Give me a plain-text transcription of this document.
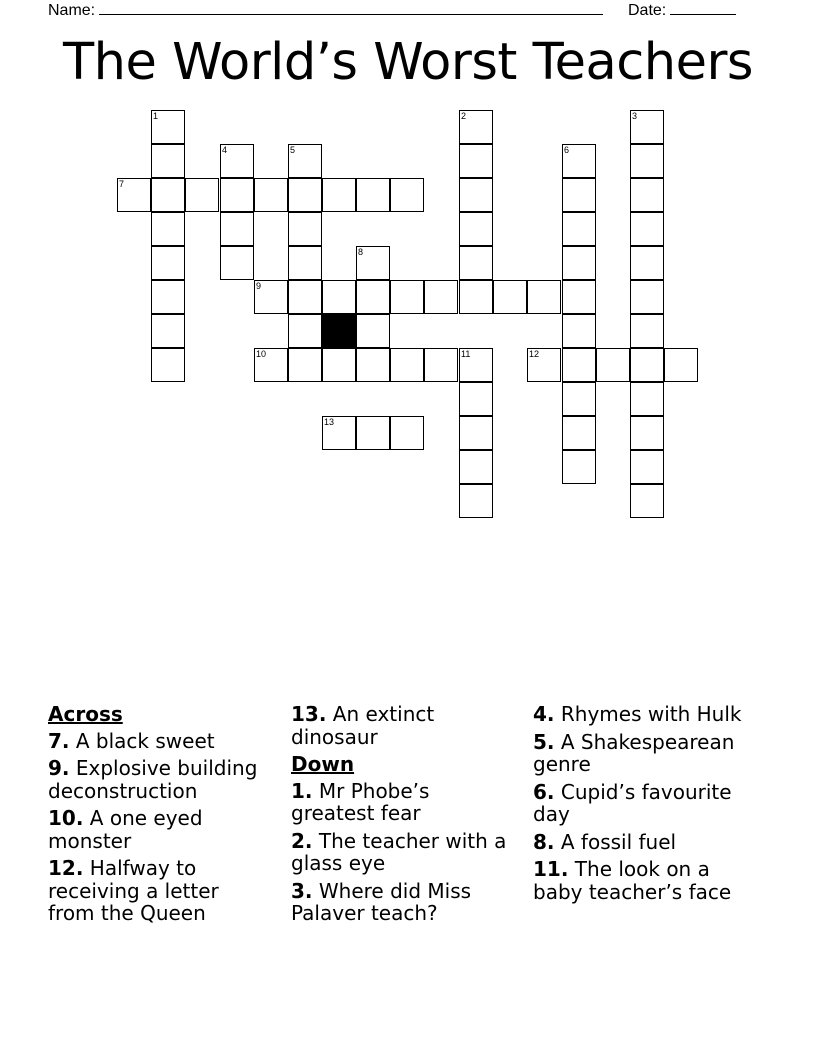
Name:	Date:
The World’s Worst Teachers
1	2	3
4	5	6
7
8
9
10	11	12
13
Across
7. A black sweet
9. Explosive building deconstruction
10. A one eyed monster
12. Halfway to receiving a letter from the Queen
13. An extinct dinosaur
Down
1. Mr Phobe’s greatest fear
2. The teacher with a glass eye
3. Where did Miss Palaver teach?
4. Rhymes with Hulk
5. A Shakespearean genre
6. Cupid’s favourite day
8. A fossil fuel
11. The look on a baby teacher’s face
